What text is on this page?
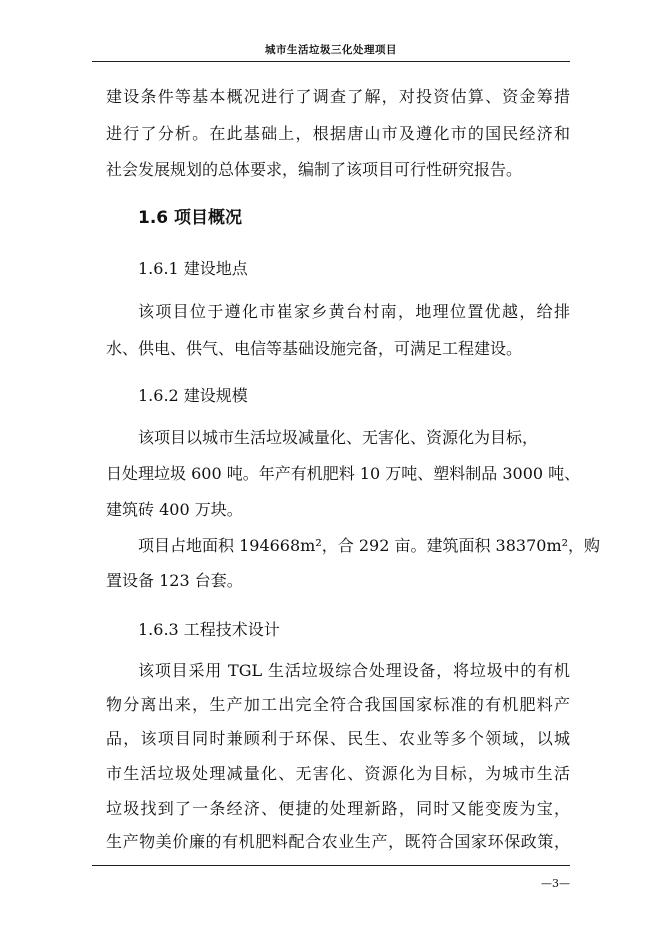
城市生活垃圾三化处理项目
建设条件等基本概况进行了调查了解，对投资估算、资金筹措
进行了分析。在此基础上，根据唐山市及遵化市的国民经济和
社会发展规划的总体要求，编制了该项目可行性研究报告。
1.6 项目概况
1.6.1 建设地点
该项目位于遵化市崔家乡黄台村南，地理位置优越，给排
水、供电、供气、电信等基础设施完备，可满足工程建设。
1.6.2 建设规模
该项目以城市生活垃圾减量化、无害化、资源化为目标，
日处理垃圾 600 吨。年产有机肥料 10 万吨、塑料制品 3000 吨、
建筑砖 400 万块。
项目占地面积 194668m²，合 292 亩。建筑面积 38370m²，购
置设备 123 台套。
1.6.3 工程技术设计
该项目采用 TGL 生活垃圾综合处理设备，将垃圾中的有机
物分离出来，生产加工出完全符合我国国家标准的有机肥料产
品，该项目同时兼顾利于环保、民生、农业等多个领域，以城
市生活垃圾处理减量化、无害化、资源化为目标，为城市生活
垃圾找到了一条经济、便捷的处理新路，同时又能变废为宝，
生产物美价廉的有机肥料配合农业生产，既符合国家环保政策，
—3—
